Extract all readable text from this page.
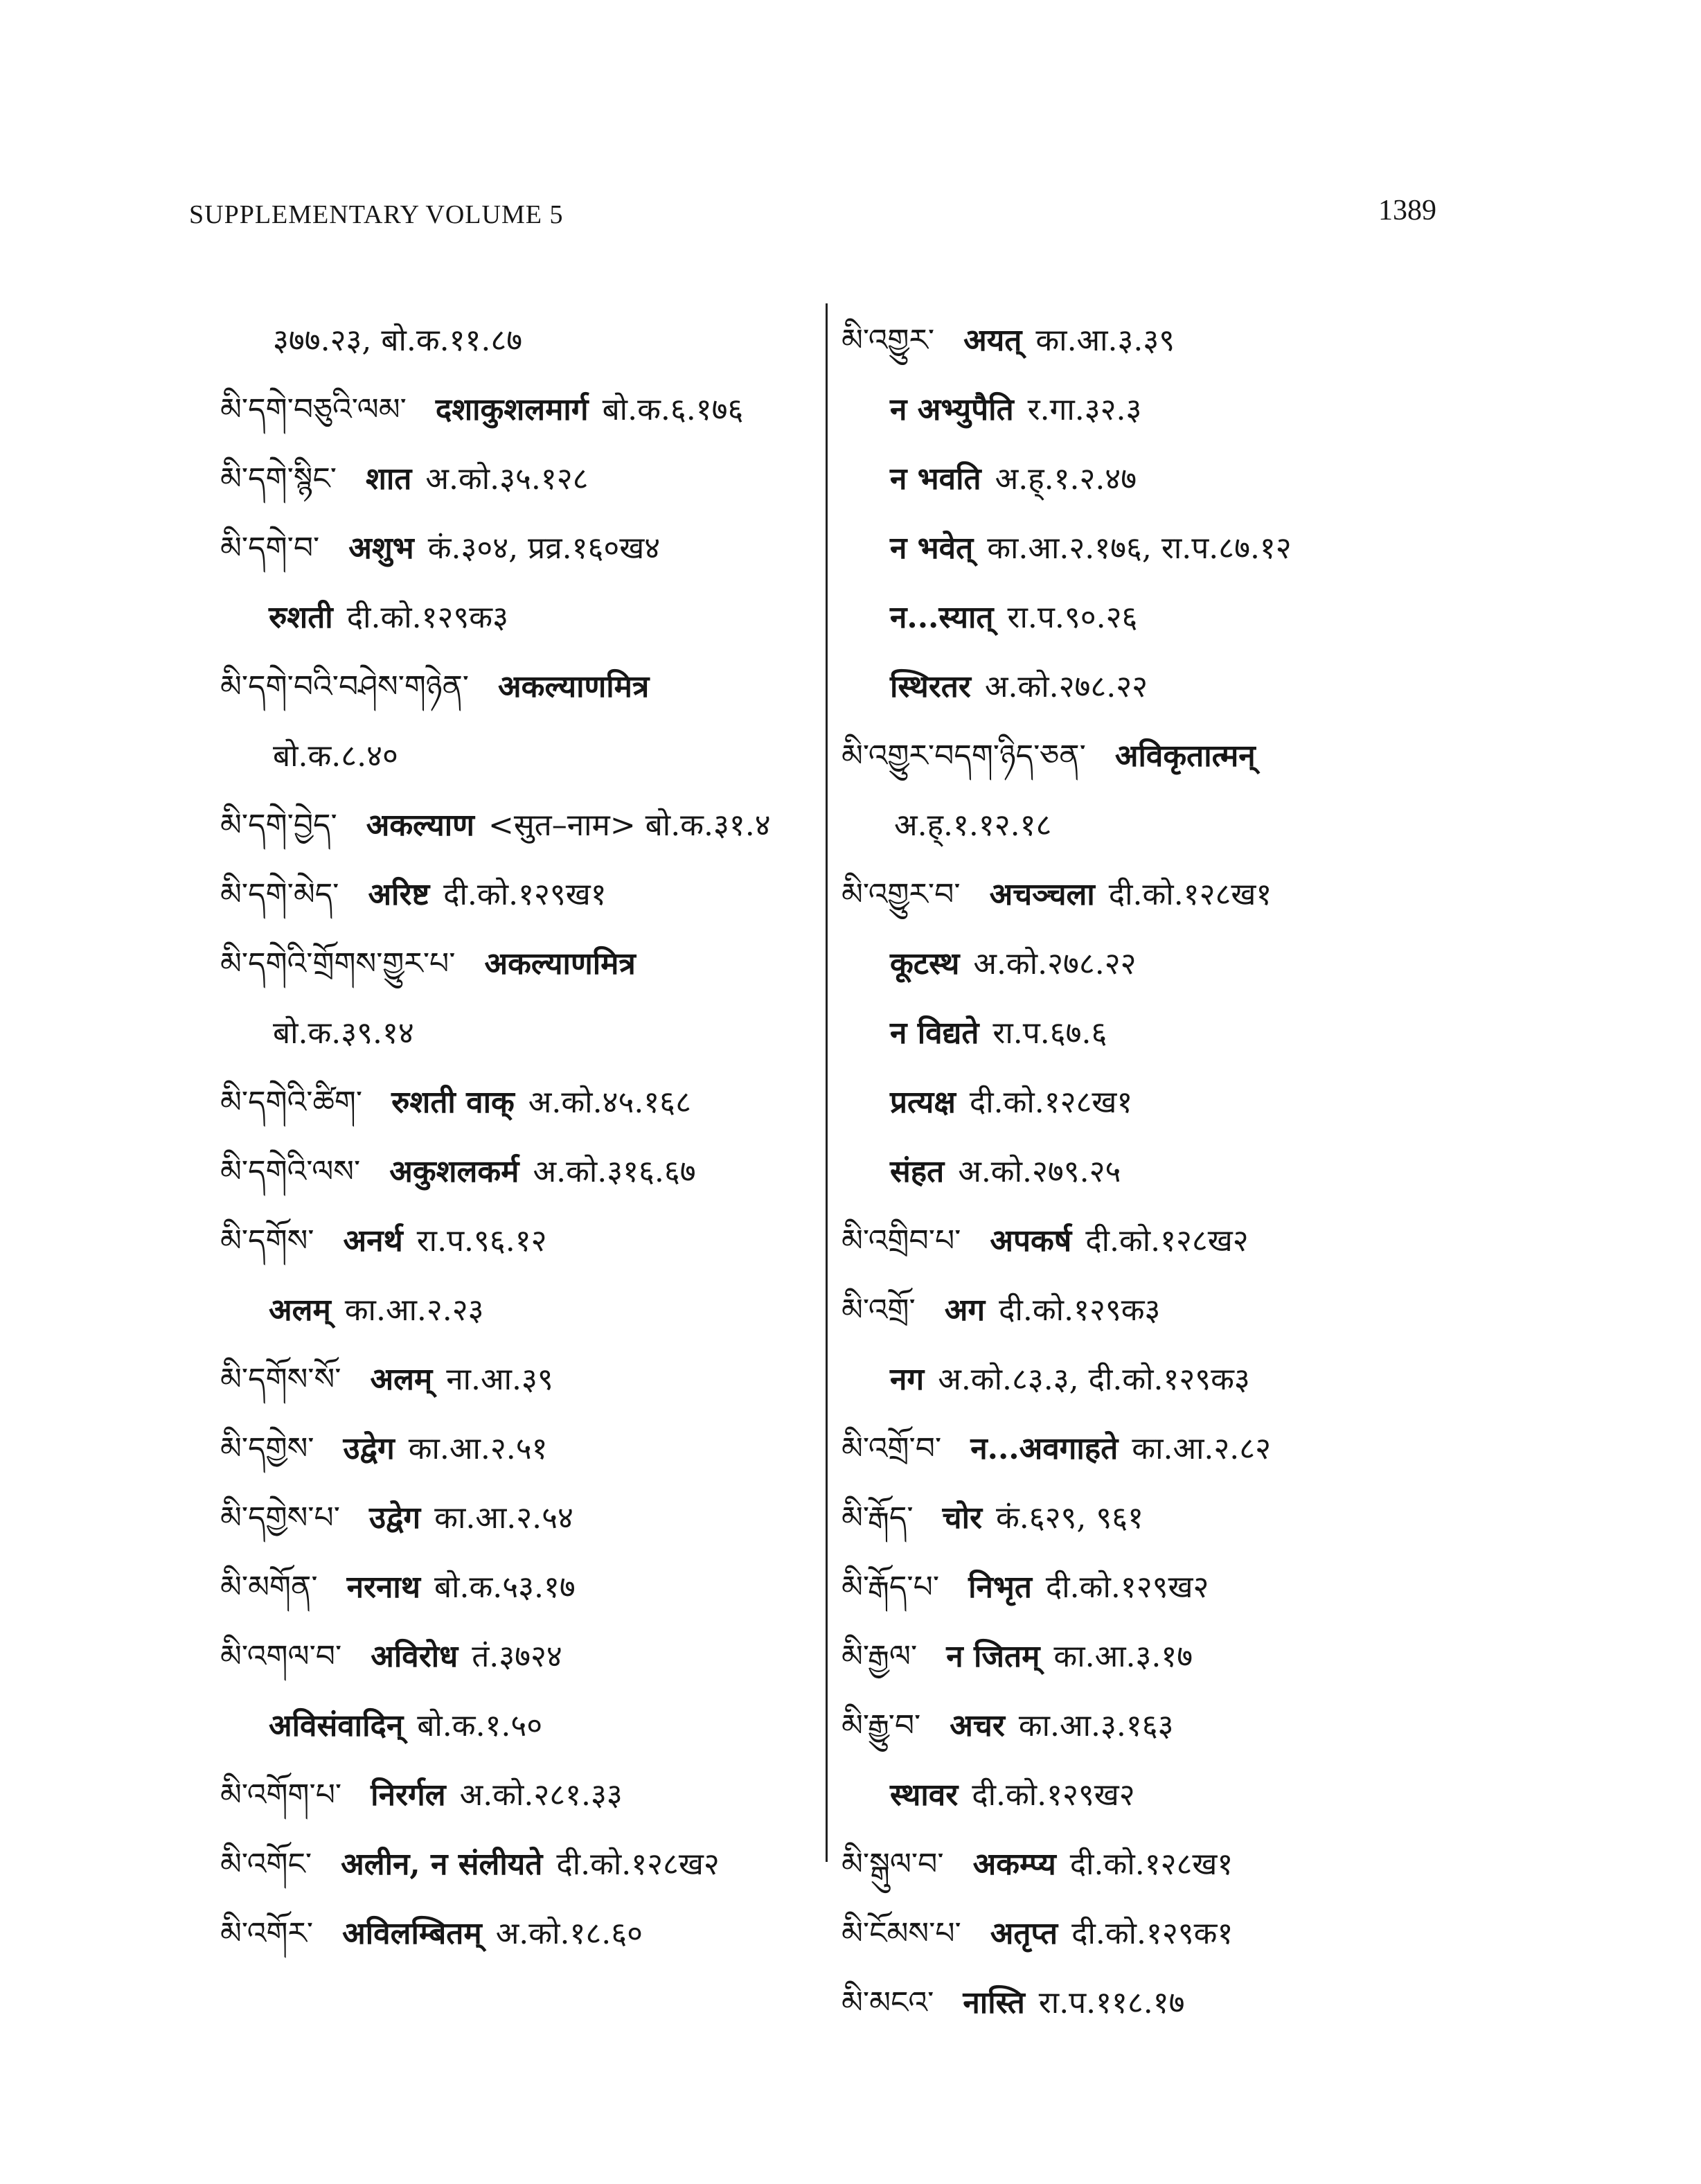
SUPPLEMENTARY VOLUME 5	1389
३७७.२३, बो.क.११.८७
མི་དགེ་བཅུའི་ལམ་ दशाकुशलमार्ग बो.क.६.१७६
མི་དགེ་སྙིང་ शात अ.को.३५.१२८
མི་དགེ་བ་ अशुभ कं.३०४, प्रव्र.१६०ख४
रुशती दी.को.१२९क३
མི་དགེ་བའི་བཤེས་གཉེན་ अकल्याणमित्र
बो.क.८.४०
མི་དགེ་བྱེད་ अकल्याण <सुत–नाम> बो.क.३१.४
མི་དགེ་མེད་ अरिष्ट दी.को.१२९ख१
མི་དགེའི་གྲོགས་གྱུར་པ་ अकल्याणमित्र
बो.क.३९.१४
མི་དགེའི་ཚིག་ रुशती वाक् अ.को.४५.१६८
མི་དགེའི་ལས་ अकुशलकर्म अ.को.३१६.६७
མི་དགོས་ अनर्थ रा.प.९६.१२
अलम् का.आ.२.२३
མི་དགོས་སོ་ अलम् ना.आ.३९
མི་དགྱེས་ उद्वेग का.आ.२.५१
མི་དགྱེས་པ་ उद्वेग का.आ.२.५४
མི་མགོན་ नरनाथ बो.क.५३.१७
མི་འགལ་བ་ अविरोध तं.३७२४
अविसंवादिन् बो.क.१.५०
མི་འགོག་པ་ निरर्गल अ.को.२८१.३३
མི་འགོང་ अलीन, न संलीयते दी.को.१२८ख२
མི་འགོར་ अविलम्बितम् अ.को.१८.६०
མི་འགྱུར་ अयत् का.आ.३.३९
न अभ्युपैति र.गा.३२.३
न भवति अ.ह्.१.२.४७
न भवेत् का.आ.२.१७६, रा.प.८७.१२
न...स्यात् रा.प.९०.२६
स्थिरतर अ.को.२७८.२२
མི་འགྱུར་བདག་ཉིད་ཅན་ अविकृतात्मन्
अ.ह्.१.१२.१८
མི་འགྱུར་བ་ अचञ्चला दी.को.१२८ख१
कूटस्थ अ.को.२७८.२२
न विद्यते रा.प.६७.६
प्रत्यक्ष दी.को.१२८ख१
संहत अ.को.२७९.२५
མི་འགྲིབ་པ་ अपकर्ष दी.को.१२८ख२
མི་འགྲོ་ अग दी.को.१२९क३
नग अ.को.८३.३, दी.को.१२९क३
མི་འགྲོ་བ་ न...अवगाहते का.आ.२.८२
མི་རྒོད་ चोर कं.६२९, ९६१
མི་རྒོད་པ་ निभृत दी.को.१२९ख२
མི་རྒྱལ་ न जितम् का.आ.३.१७
མི་རྒྱུ་བ་ अचर का.आ.३.१६३
स्थावर दी.को.१२९ख२
མི་སྒུལ་བ་ अकम्प्य दी.को.१२८ख१
མི་ངོམས་པ་ अतृप्त दी.को.१२९क१
མི་མངའ་ नास्ति रा.प.११८.१७
